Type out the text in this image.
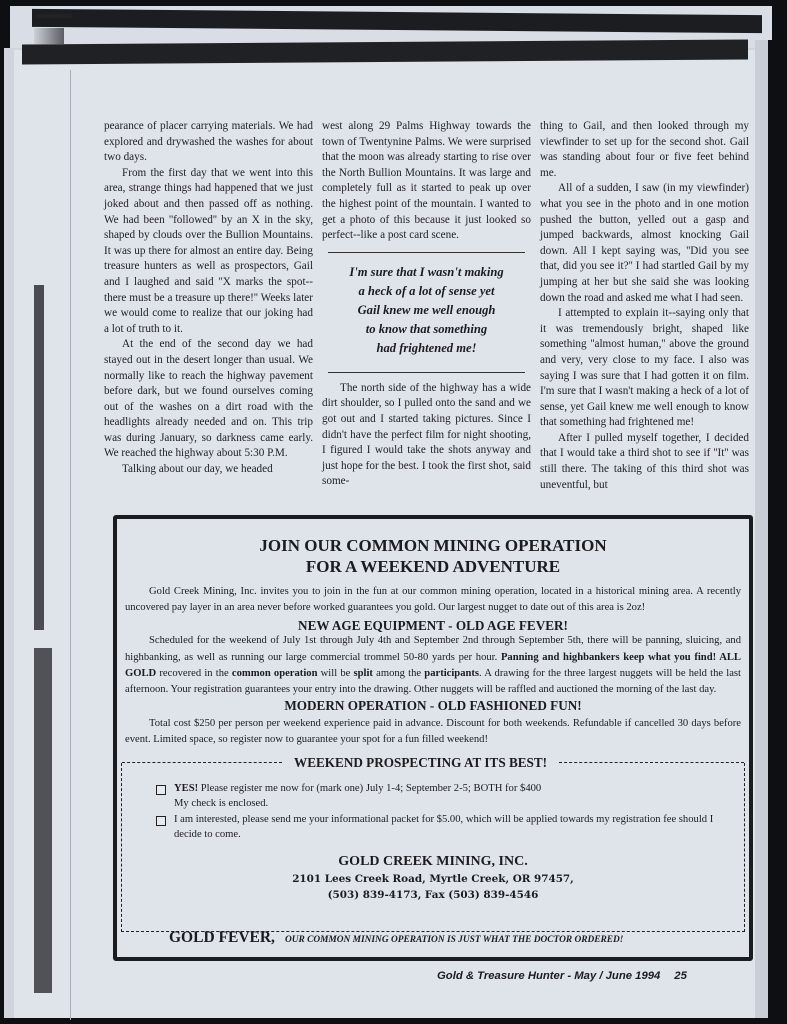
pearance of placer carrying materials. We had explored and drywashed the washes for about two days.

From the first day that we went into this area, strange things had happened that we just joked about and then passed off as nothing. We had been ''followed'' by an X in the sky, shaped by clouds over the Bullion Mountains. It was up there for almost an entire day. Being treasure hunters as well as prospectors, Gail and I laughed and said ''X marks the spot--there must be a treasure up there!'' Weeks later we would come to realize that our joking had a lot of truth to it.

At the end of the second day we had stayed out in the desert longer than usual. We normally like to reach the highway pavement before dark, but we found ourselves coming out of the washes on a dirt road with the headlights already needed and on. This trip was during January, so darkness came early. We reached the highway about 5:30 P.M.

Talking about our day, we headed

west along 29 Palms Highway towards the town of Twentynine Palms. We were surprised that the moon was already starting to rise over the North Bullion Mountains. It was large and completely full as it started to peak up over the highest point of the mountain. I wanted to get a photo of this because it just looked so perfect--like a post card scene.

I'm sure that I wasn't making
a heck of a lot of sense yet
Gail knew me well enough
to know that something
had frightened me!

The north side of the highway has a wide dirt shoulder, so I pulled onto the sand and we got out and I started taking pictures. Since I didn't have the perfect film for night shooting, I figured I would take the shots anyway and just hope for the best. I took the first shot, said some-

thing to Gail, and then looked through my viewfinder to set up for the second shot. Gail was standing about four or five feet behind me.

All of a sudden, I saw (in my viewfinder) what you see in the photo and in one motion pushed the button, yelled out a gasp and jumped backwards, almost knocking Gail down. All I kept saying was, ''Did you see that, did you see it?'' I had startled Gail by my jumping at her but she said she was looking down the road and asked me what I had seen.

I attempted to explain it--saying only that it was tremendously bright, shaped like something ''almost human,'' above the ground and very, very close to my face. I also was saying I was sure that I had gotten it on film. I'm sure that I wasn't making a heck of a lot of sense, yet Gail knew me well enough to know that something had frightened me!

After I pulled myself together, I decided that I would take a third shot to see if ''It'' was still there. The taking of this third shot was uneventful, but

JOIN OUR COMMON MINING OPERATION
FOR A WEEKEND ADVENTURE

Gold Creek Mining, Inc. invites you to join in the fun at our common mining operation, located in a historical mining area. A recently uncovered pay layer in an area never before worked guarantees you gold. Our largest nugget to date out of this area is 2oz!

NEW AGE EQUIPMENT - OLD AGE FEVER!

Scheduled for the weekend of July 1st through July 4th and September 2nd through September 5th, there will be panning, sluicing, and highbanking, as well as running our large commercial trommel 50-80 yards per hour. Panning and highbankers keep what you find! ALL GOLD recovered in the common operation will be split among the participants. A drawing for the three largest nuggets will be held the last afternoon. Your registration guarantees your entry into the drawing. Other nuggets will be raffled and auctioned the morning of the last day.

MODERN OPERATION - OLD FASHIONED FUN!

Total cost $250 per person per weekend experience paid in advance. Discount for both weekends. Refundable if cancelled 30 days before event. Limited space, so register now to guarantee your spot for a fun filled weekend!

WEEKEND PROSPECTING AT ITS BEST!
YES! Please register me now for (mark one)
July 1-4;
September 2-5;
BOTH for $400
My check is enclosed.
I am interested, please send me your informational packet for $5.00, which will be applied towards my registration fee should I decide to come.
GOLD CREEK MINING, INC.
2101 Lees Creek Road, Myrtle Creek, OR 97457,
(503) 839-4173, Fax (503) 839-4546
GOLD FEVER, OUR COMMON MINING OPERATION IS JUST WHAT THE DOCTOR ORDERED!
Gold & Treasure Hunter - May / June 1994 25
